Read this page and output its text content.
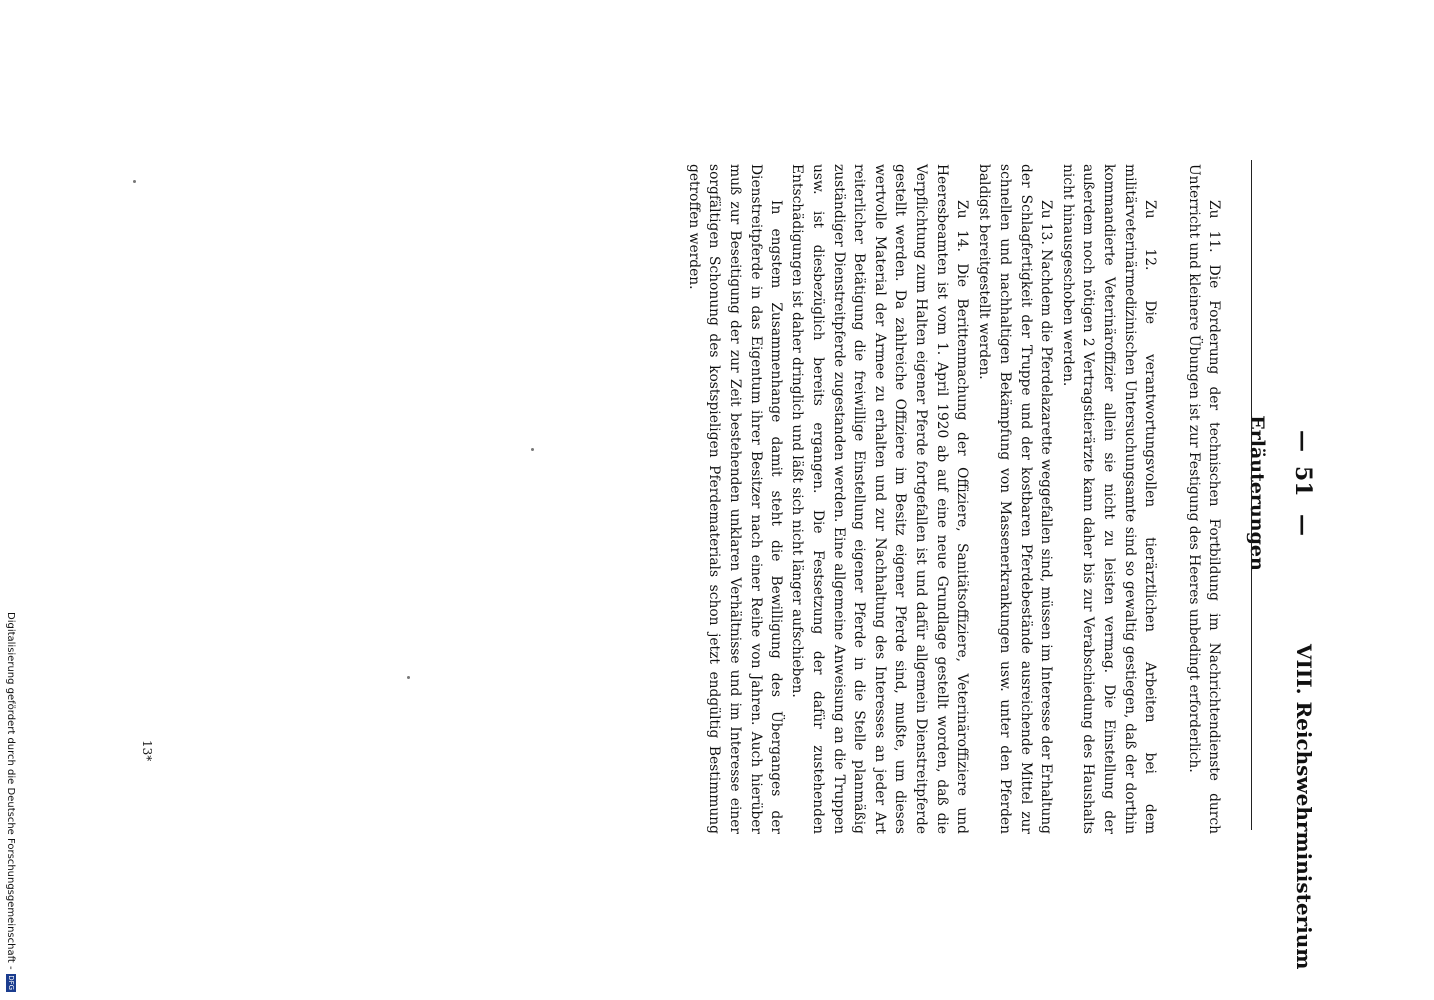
—
51
—
VIII. Reichswehrministerium
Erläuterungen

Zu 11. Die Forderung der technischen Fortbildung im Nachrichtendienste durch Unterricht und kleinere Übungen ist zur Festigung des Heeres unbedingt erforderlich.

Zu 12. Die verantwortungsvollen tierärztlichen Arbeiten bei dem militärveterinärmedizinischen Untersuchungsamte sind so gewaltig gestiegen, daß der dorthin kommandierte Veterinäroffizier allein sie nicht zu leisten vermag. Die Einstellung der außerdem noch nötigen 2 Vertragstierärzte kann daher bis zur Verabschiedung des Haushalts nicht hinausgeschoben werden.

Zu 13. Nachdem die Pferdelazarette weggefallen sind, müssen im Interesse der Erhaltung der Schlagfertigkeit der Truppe und der kostbaren Pferdebestände ausreichende Mittel zur schnellen und nachhaltigen Bekämpfung von Massenerkrankungen usw. unter den Pferden baldigst bereitgestellt werden.

Zu 14. Die Berittenmachung der Offiziere, Sanitätsoffiziere, Veterinäroffiziere und Heeresbeamten ist vom 1. April 1920 ab auf eine neue Grundlage gestellt worden, daß die Verpflichtung zum Halten eigener Pferde fortgefallen ist und dafür allgemein Dienstreitpferde gestellt werden. Da zahlreiche Offiziere im Besitz eigener Pferde sind, mußte, um dieses wertvolle Material der Armee zu erhalten und zur Nachhaltung des Interesses an jeder Art reiterlicher Betätigung die freiwillige Einstellung eigener Pferde in die Stelle planmäßig zuständiger Dienstreitpferde zugestanden werden. Eine allgemeine Anweisung an die Truppen usw. ist diesbezüglich bereits ergangen. Die Festsetzung der dafür zustehenden Entschädigungen ist daher dringlich und läßt sich nicht länger aufschieben.

In engstem Zusammenhange damit steht die Bewilligung des Überganges der Dienstreitpferde in das Eigentum ihrer Besitzer nach einer Reihe von Jahren. Auch hierüber muß zur Beseitigung der zur Zeit bestehenden unklaren Verhältnisse und im Interesse einer sorgfältigen Schonung des kostspieligen Pferdematerials schon jetzt endgültig Bestimmung getroffen werden.

13*
Digitalisierung gefördert durch die Deutsche Forschungsgemeinschaft -DFG
